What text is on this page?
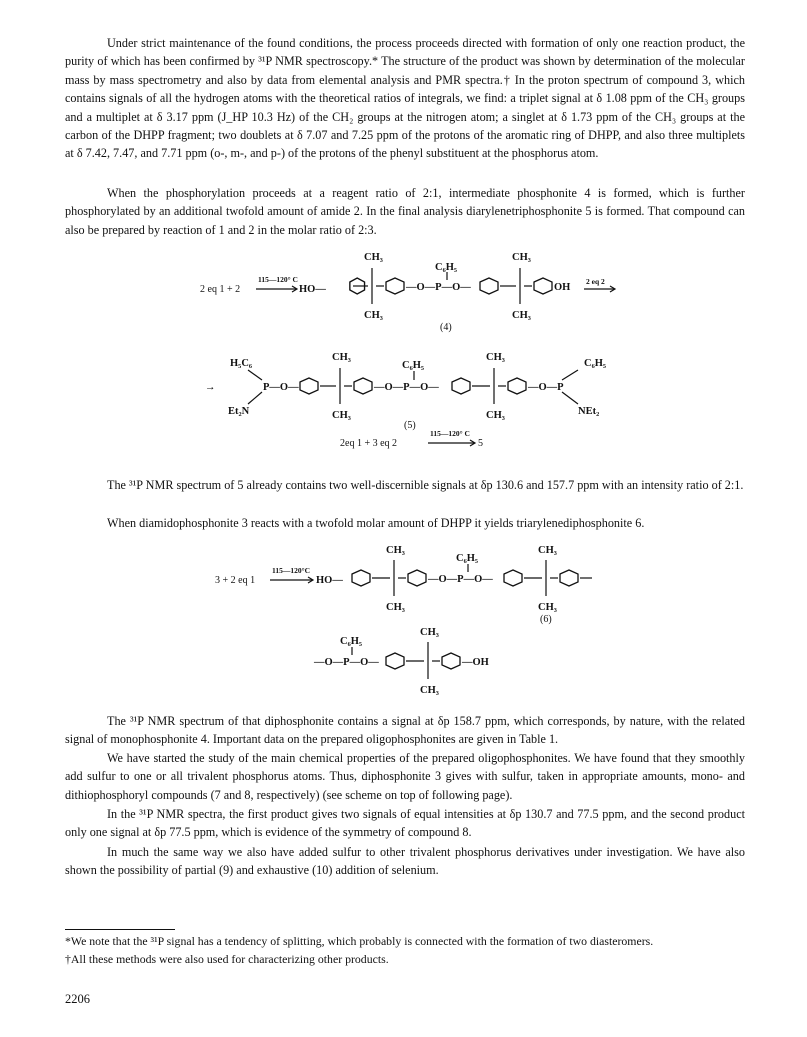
Under strict maintenance of the found conditions, the process proceeds directed with formation of only one reaction product, the purity of which has been confirmed by ³¹P NMR spectroscopy.* The structure of the product was shown by determination of the molecular mass by mass spectrometry and also by data from elemental analysis and PMR spectra.† In the proton spectrum of compound 3, which contains signals of all the hydrogen atoms with the theoretical ratios of integrals, we find: a triplet signal at δ 1.08 ppm of the CH₃ groups and a multiplet at δ 3.17 ppm (J_HP 10.3 Hz) of the CH₂ groups at the nitrogen atom; a singlet at δ 1.73 ppm of the CH₃ groups at the carbon of the DHPP fragment; two doublets at δ 7.07 and 7.25 ppm of the protons of the aromatic ring of DHPP, and also three multiplets at δ 7.42, 7.47, and 7.71 ppm (o-, m-, and p-) of the protons of the phenyl substituent at the phosphorus atom.

When the phosphorylation proceeds at a reagent ratio of 2:1, intermediate phosphonite 4 is formed, which is further phosphorylated by an additional twofold amount of amide 2. In the final analysis diarylenetriphosphonite 5 is formed. That compound can also be prepared by reaction of 1 and 2 in the molar ratio of 2:3.

2 eq 1 + 2
115—120° C
HO—
CH₃
CH₃
—O—P—O—
C₆H₅
CH₃
CH₃
OH
2 eq 2
(4)
H₅C₆
Et₂N
→	P—O—
CH₃
CH₃
—O—P—O—
C₆H₅
CH₃
CH₃
—O—P
C₆H₅
NEt₂
(5)
2eq 1 + 3 eq 2
115—120° C
5

The ³¹P NMR spectrum of 5 already contains two well-discernible signals at δp 130.6 and 157.7 ppm with an intensity ratio of 2:1.

When diamidophosphonite 3 reacts with a twofold molar amount of DHPP it yields triarylenediphosphonite 6.

3 + 2 eq 1
115—120°C
HO—
CH₃
CH₃
—O—P—O—
C₆H₅
CH₃
CH₃
(6)
C₆H₅
—O—P—O—
CH₃
CH₃
—OH

The ³¹P NMR spectrum of that diphosphonite contains a signal at δp 158.7 ppm, which corresponds, by nature, with the related signal of monophosphonite 4. Important data on the prepared oligophosphonites are given in Table 1.

We have started the study of the main chemical properties of the prepared oligophosphonites. We have found that they smoothly add sulfur to one or all trivalent phosphorus atoms. Thus, diphosphonite 3 gives with sulfur, taken in appropriate amounts, mono- and dithiophosphoryl compounds (7 and 8, respectively) (see scheme on top of following page).

In the ³¹P NMR spectra, the first product gives two signals of equal intensities at δp 130.7 and 77.5 ppm, and the second product only one signal at δp 77.5 ppm, which is evidence of the symmetry of compound 8.

In much the same way we also have added sulfur to other trivalent phosphorus derivatives under investigation. We have also shown the possibility of partial (9) and exhaustive (10) addition of selenium.

*We note that the ³¹P signal has a tendency of splitting, which probably is connected with the formation of two diasteromers.

†All these methods were also used for characterizing other products.

2206
